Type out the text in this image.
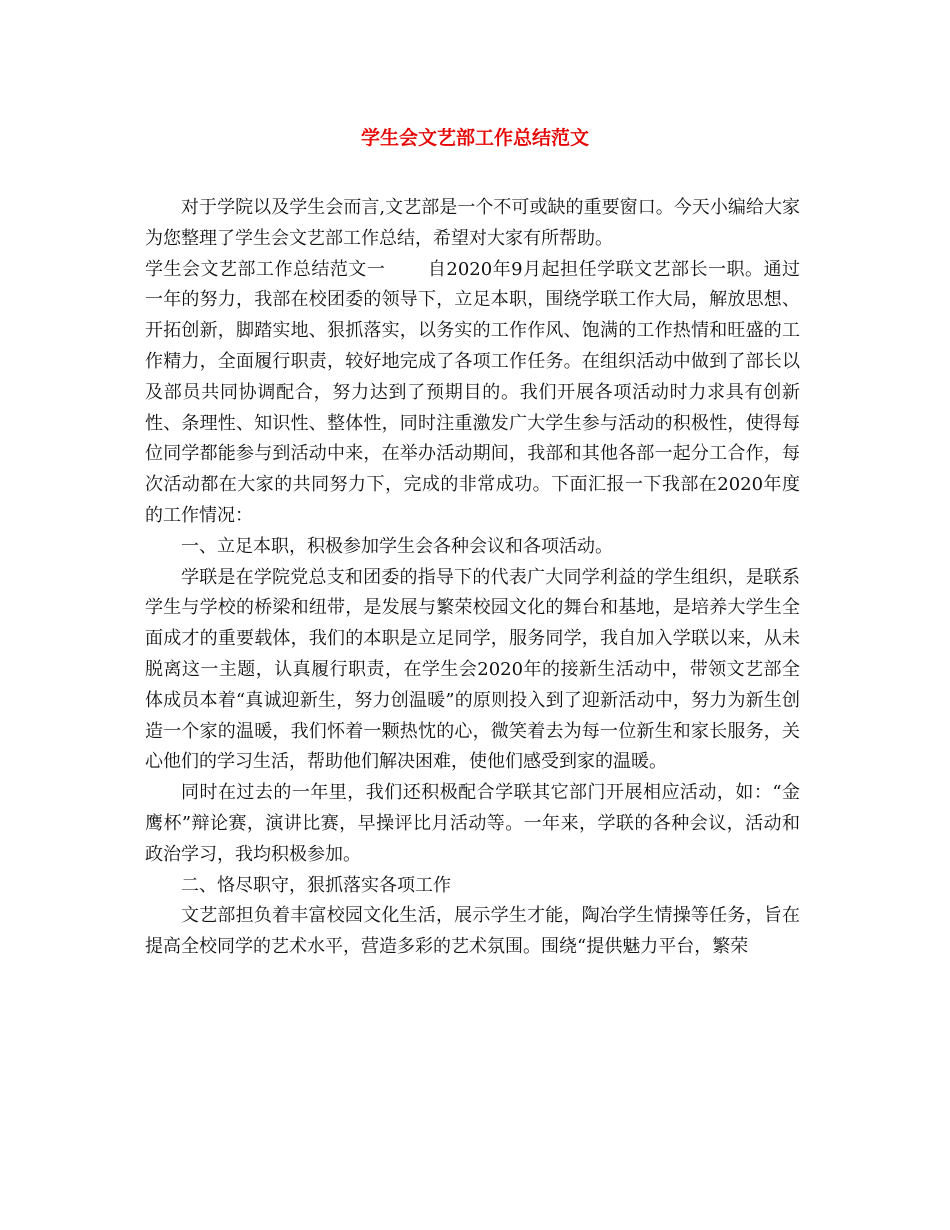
学生会文艺部工作总结范文

对于学院以及学生会而言,文艺部是一个不可或缺的重要窗口。今天小编给大家为您整理了学生会文艺部工作总结，希望对大家有所帮助。

学生会文艺部工作总结范文一 自2020年9月起担任学联文艺部长一职。通过一年的努力，我部在校团委的领导下，立足本职，围绕学联工作大局，解放思想、开拓创新，脚踏实地、狠抓落实，以务实的工作作风、饱满的工作热情和旺盛的工作精力，全面履行职责，较好地完成了各项工作任务。在组织活动中做到了部长以及部员共同协调配合，努力达到了预期目的。我们开展各项活动时力求具有创新性、条理性、知识性、整体性，同时注重激发广大学生参与活动的积极性，使得每位同学都能参与到活动中来，在举办活动期间，我部和其他各部一起分工合作，每次活动都在大家的共同努力下，完成的非常成功。下面汇报一下我部在2020年度的工作情况：

一、立足本职，积极参加学生会各种会议和各项活动。

学联是在学院党总支和团委的指导下的代表广大同学利益的学生组织，是联系学生与学校的桥梁和纽带，是发展与繁荣校园文化的舞台和基地，是培养大学生全面成才的重要载体，我们的本职是立足同学，服务同学，我自加入学联以来，从未脱离这一主题，认真履行职责，在学生会2020年的接新生活动中，带领文艺部全体成员本着“真诚迎新生，努力创温暖”的原则投入到了迎新活动中，努力为新生创造一个家的温暖，我们怀着一颗热忱的心，微笑着去为每一位新生和家长服务，关心他们的学习生活，帮助他们解决困难，使他们感受到家的温暖。

同时在过去的一年里，我们还积极配合学联其它部门开展相应活动，如：“金鹰杯”辩论赛，演讲比赛，早操评比月活动等。一年来，学联的各种会议，活动和政治学习，我均积极参加。

二、恪尽职守，狠抓落实各项工作

文艺部担负着丰富校园文化生活，展示学生才能，陶冶学生情操等任务，旨在提高全校同学的艺术水平，营造多彩的艺术氛围。围绕“提供魅力平台，繁荣
